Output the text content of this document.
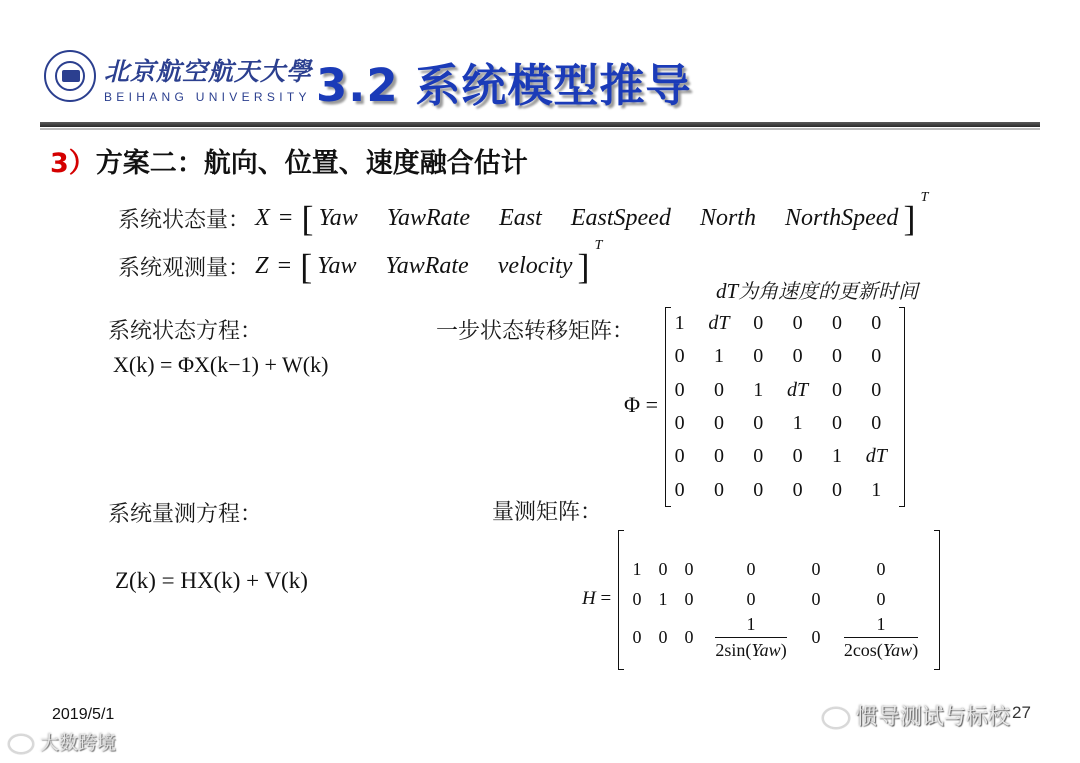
北京航空航天大學
BEIHANG UNIVERSITY 3.2 系统模型推导
3）方案二：航向、位置、速度融合估计
系统状态量： X = [ Yaw YawRate East EastSpeed North NorthSpeed ] $^T$
系统观测量： Z = [ Yaw YawRate velocity ] $^T$
dT为角速度的更新时间
系统状态方程：
X(k) = ΦX(k−1) + W(k)
一步状态转移矩阵：
Φ =
1	dT	0	0	0	0
0	1	0	0	0	0
0	0	1	dT	0	0
0	0	0	1	0	0
0	0	0	0	1	dT
0	0	0	0	0	1
系统量测方程：
Z(k) = HX(k) + V(k)
量测矩阵：
H =
1	0	0	0	0	0
0	1	0	0	0	0
0	0	0	$\frac{1}{\text{2sin(Yaw)}}$	0	$\frac{1}{\text{2cos(Yaw)}}$
2019/5/1	27
惯导测试与标校
大数跨境
